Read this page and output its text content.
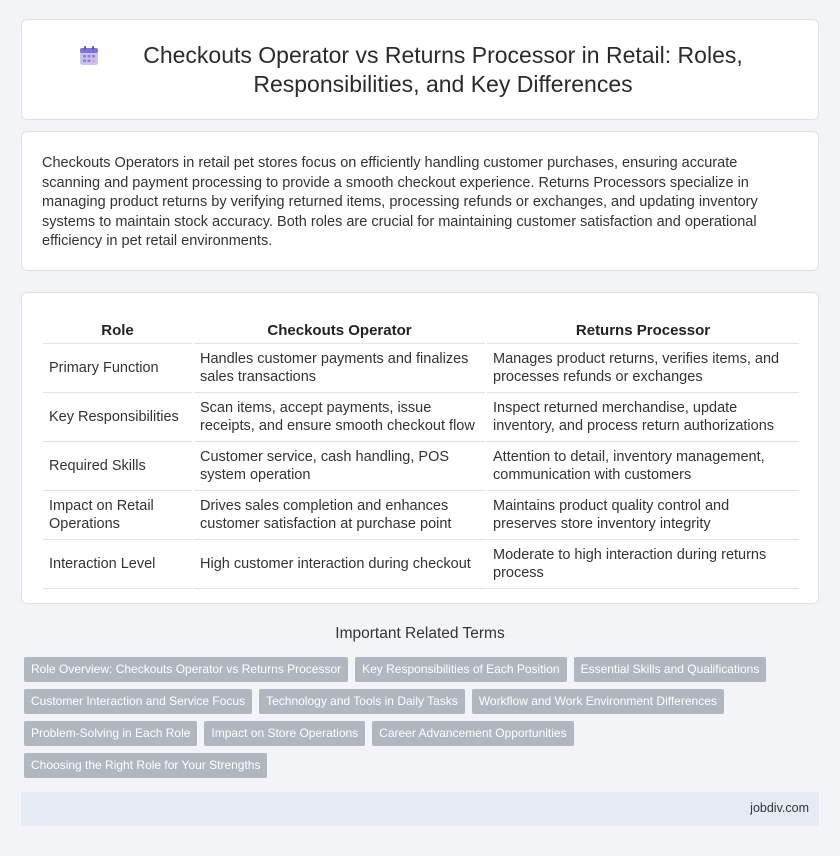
Checkouts Operator vs Returns Processor in Retail: Roles, Responsibilities, and Key Differences

Checkouts Operators in retail pet stores focus on efficiently handling customer purchases, ensuring accurate scanning and payment processing to provide a smooth checkout experience. Returns Processors specialize in managing product returns by verifying returned items, processing refunds or exchanges, and updating inventory systems to maintain stock accuracy. Both roles are crucial for maintaining customer satisfaction and operational efficiency in pet retail environments.

Role	Checkouts Operator	Returns Processor
Primary Function	Handles customer payments and finalizes sales transactions	Manages product returns, verifies items, and processes refunds or exchanges
Key Responsibilities	Scan items, accept payments, issue receipts, and ensure smooth checkout flow	Inspect returned merchandise, update inventory, and process return authorizations
Required Skills	Customer service, cash handling, POS system operation	Attention to detail, inventory management, communication with customers
Impact on Retail Operations	Drives sales completion and enhances customer satisfaction at purchase point	Maintains product quality control and preserves store inventory integrity
Interaction Level	High customer interaction during checkout	Moderate to high interaction during returns process
Important Related Terms
Role Overview: Checkouts Operator vs Returns Processor	Key Responsibilities of Each Position	Essential Skills and Qualifications
Customer Interaction and Service Focus	Technology and Tools in Daily Tasks	Workflow and Work Environment Differences
Problem-Solving in Each Role	Impact on Store Operations	Career Advancement Opportunities
Choosing the Right Role for Your Strengths
jobdiv.com
